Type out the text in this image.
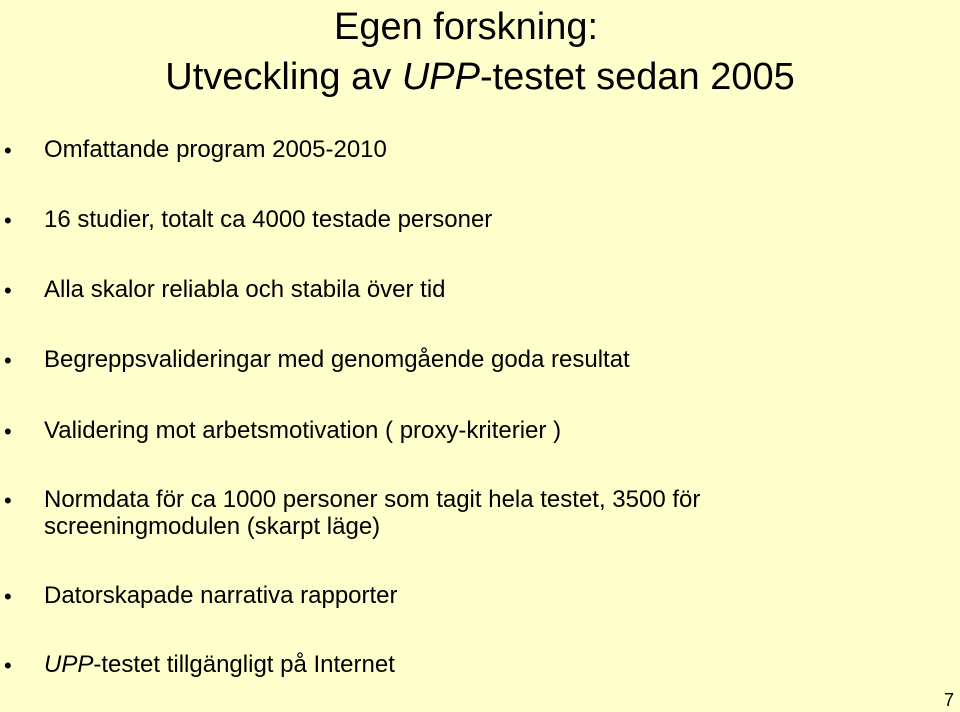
Egen forskning:
Utveckling av UPP-testet sedan 2005
• Omfattande program 2005-2010
• 16 studier, totalt ca 4000 testade personer
• Alla skalor reliabla och stabila över tid
• Begreppsvalideringar med genomgående goda resultat
• Validering mot arbetsmotivation ( proxy-kriterier )
• Normdata för ca 1000 personer som tagit hela testet, 3500 för
screeningmodulen (skarpt läge)
• Datorskapade narrativa rapporter
• UPP-testet tillgängligt på Internet
7
